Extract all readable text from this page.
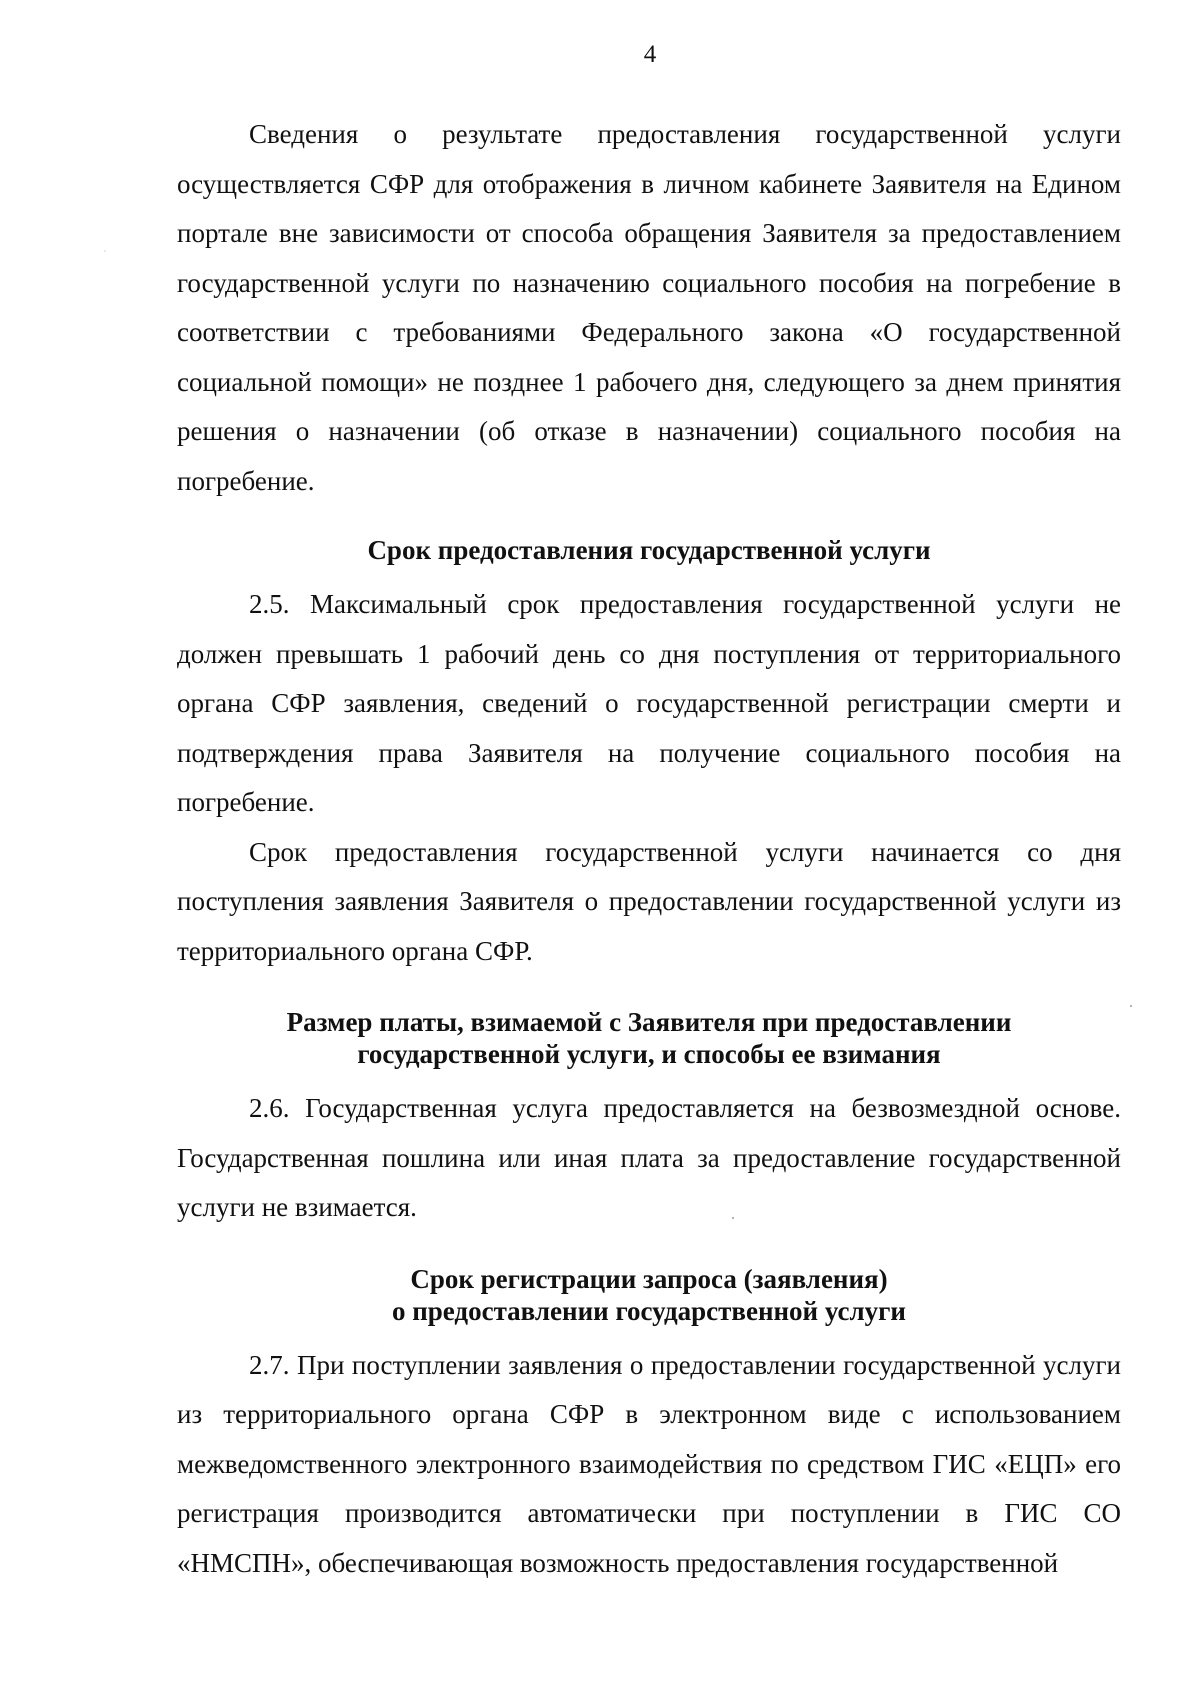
4

Сведения о результате предоставления государственной услуги осуществляется СФР для отображения в личном кабинете Заявителя на Едином портале вне зависимости от способа обращения Заявителя за предоставлением государственной услуги по назначению социального пособия на погребение в соответствии с требованиями Федерального закона «О государственной социальной помощи» не позднее 1 рабочего дня, следующего за днем принятия решения о назначении (об отказе в назначении) социального пособия на погребение.

Срок предоставления государственной услуги

2.5. Максимальный срок предоставления государственной услуги не должен превышать 1 рабочий день со дня поступления от территориального органа СФР заявления, сведений о государственной регистрации смерти и подтверждения права Заявителя на получение социального пособия на погребение.

Срок предоставления государственной услуги начинается со дня поступления заявления Заявителя о предоставлении государственной услуги из территориального органа СФР.

Размер платы, взимаемой с Заявителя при предоставлении
государственной услуги, и способы ее взимания

2.6. Государственная услуга предоставляется на безвозмездной основе. Государственная пошлина или иная плата за предоставление государственной услуги не взимается.

Срок регистрации запроса (заявления)
о предоставлении государственной услуги

2.7. При поступлении заявления о предоставлении государственной услуги из территориального органа СФР в электронном виде с использованием межведомственного электронного взаимодействия по средством ГИС «ЕЦП» его регистрация производится автоматически при поступлении в ГИС СО «НМСПН», обеспечивающая возможность предоставления государственной
